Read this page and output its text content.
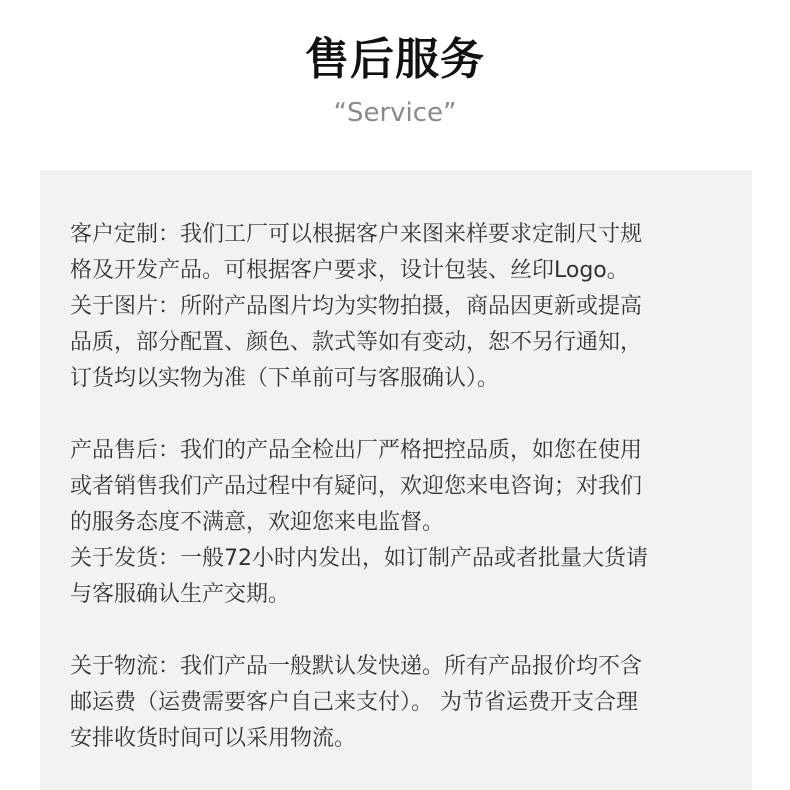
售后服务
“Service”
客户定制：我们工厂可以根据客户来图来样要求定制尺寸规
格及开发产品。可根据客户要求，设计包装、丝印Logo。
关于图片：所附产品图片均为实物拍摄，商品因更新或提高
品质，部分配置、颜色、款式等如有变动，恕不另行通知，
订货均以实物为准（下单前可与客服确认）。
产品售后：我们的产品全检出厂严格把控品质，如您在使用
或者销售我们产品过程中有疑问，欢迎您来电咨询；对我们
的服务态度不满意，欢迎您来电监督。
关于发货：一般72小时内发出，如订制产品或者批量大货请
与客服确认生产交期。
关于物流：我们产品一般默认发快递。所有产品报价均不含
邮运费（运费需要客户自己来支付）。 为节省运费开支合理
安排收货时间可以采用物流。
